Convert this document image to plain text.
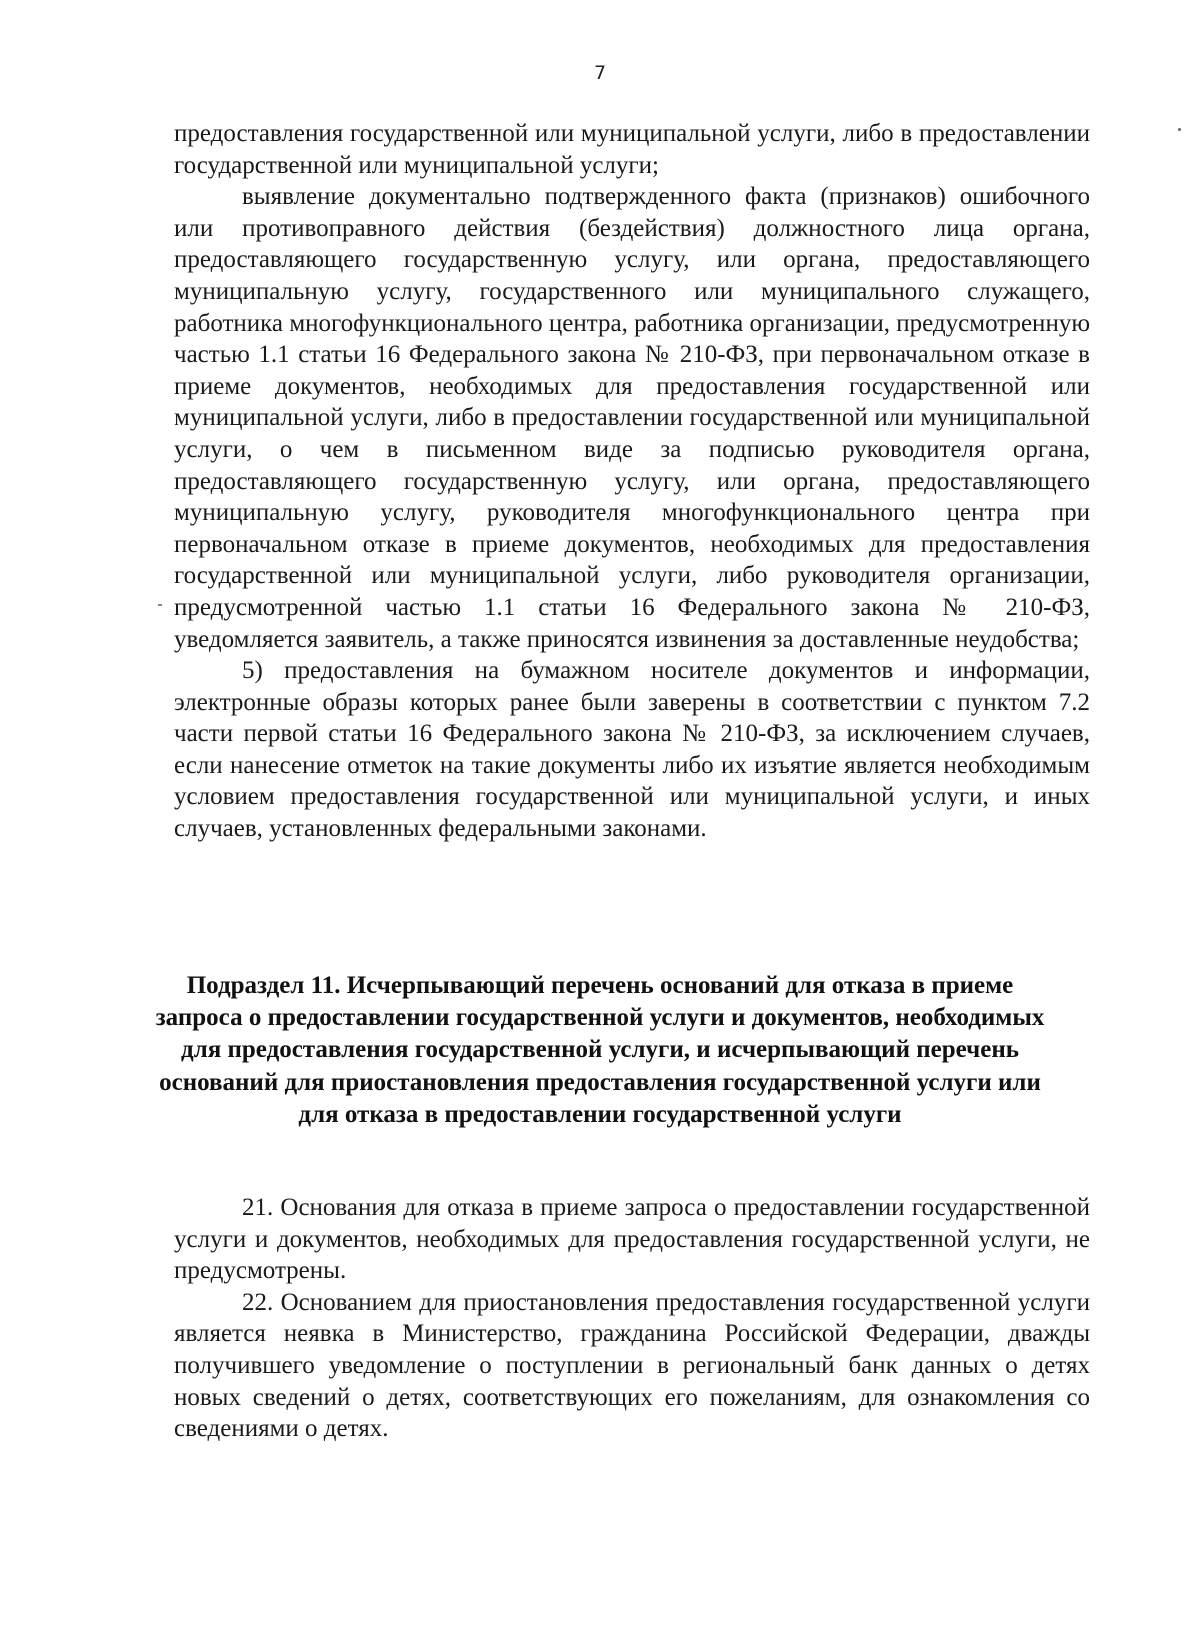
7

предоставления государственной или муниципальной услуги, либо в предоставлении государственной или муниципальной услуги;

выявление документально подтвержденного факта (признаков) ошибочного или противоправного действия (бездействия) должностного лица органа, предоставляющего государственную услугу, или органа, предоставляющего муниципальную услугу, государственного или муниципального служащего, работника многофункционального центра, работника организации, предусмотренную частью 1.1 статьи 16 Федерального закона № 210-ФЗ, при первоначальном отказе в приеме документов, необходимых для предоставления государственной или муниципальной услуги, либо в предоставлении государственной или муниципальной услуги, о чем в письменном виде за подписью руководителя органа, предоставляющего государственную услугу, или органа, предоставляющего муниципальную услугу, руководителя многофункционального центра при первоначальном отказе в приеме документов, необходимых для предоставления государственной или муниципальной услуги, либо руководителя организации, предусмотренной частью 1.1 статьи 16 Федерального закона № 210-ФЗ, уведомляется заявитель, а также приносятся извинения за доставленные неудобства;

5) предоставления на бумажном носителе документов и информации, электронные образы которых ранее были заверены в соответствии с пунктом 7.2 части первой статьи 16 Федерального закона № 210-ФЗ, за исключением случаев, если нанесение отметок на такие документы либо их изъятие является необходимым условием предоставления государственной или муниципальной услуги, и иных случаев, установленных федеральными законами.

Подраздел 11. Исчерпывающий перечень оснований для отказа в приеме запроса о предоставлении государственной услуги и документов, необходимых для предоставления государственной услуги, и исчерпывающий перечень оснований для приостановления предоставления государственной услуги или для отказа в предоставлении государственной услуги

21. Основания для отказа в приеме запроса о предоставлении государственной услуги и документов, необходимых для предоставления государственной услуги, не предусмотрены.

22. Основанием для приостановления предоставления государственной услуги является неявка в Министерство, гражданина Российской Федерации, дважды получившего уведомление о поступлении в региональный банк данных о детях новых сведений о детях, соответствующих его пожеланиям, для ознакомления со сведениями о детях.
